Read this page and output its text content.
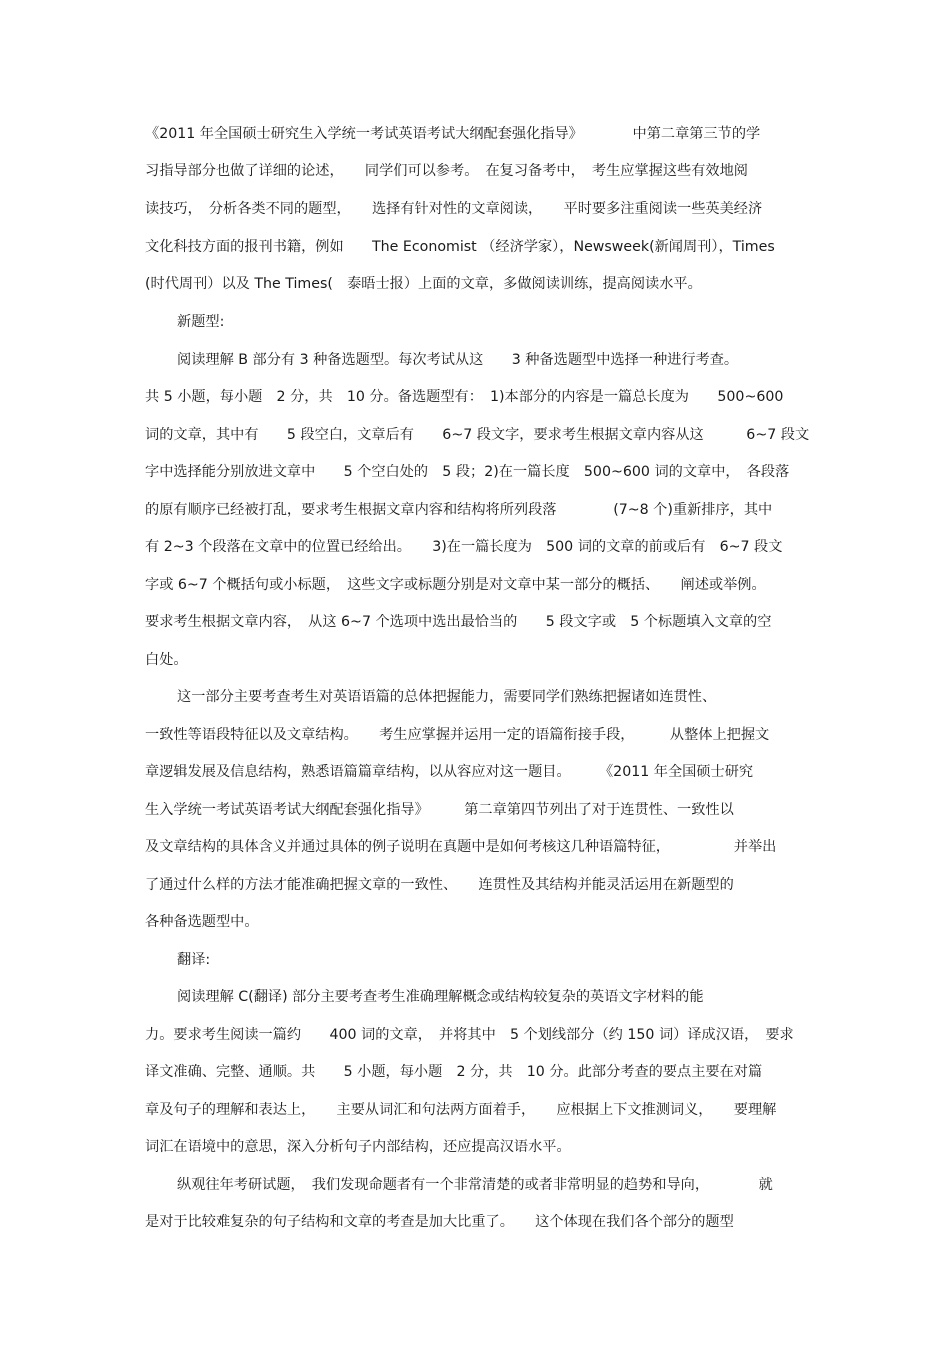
《2011 年全国硕士研究生入学统一考试英语考试大纲配套强化指导》　　　　中第二章第三节的学
习指导部分也做了详细的论述，　　同学们可以参考。　在复习备考中，　考生应掌握这些有效地阅
读技巧，　分析各类不同的题型，　　选择有针对性的文章阅读，　　平时要多注重阅读一些英美经济
文化科技方面的报刊书籍，例如　　The Economist （经济学家），Newsweek(新闻周刊），Times
(时代周刊）以及 The Times(　泰晤士报）上面的文章，多做阅读训练，提高阅读水平。
新题型:
阅读理解 B 部分有 3 种备选题型。每次考试从这　　3 种备选题型中选择一种进行考查。
共 5 小题，每小题　2 分，共　10 分。备选题型有：　1)本部分的内容是一篇总长度为　　500~600
词的文章，其中有　　5 段空白，文章后有　　6~7 段文字，要求考生根据文章内容从这　　　6~7 段文
字中选择能分别放进文章中　　5 个空白处的　5 段；2)在一篇长度　500~600 词的文章中，　各段落
的原有顺序已经被打乱，要求考生根据文章内容和结构将所列段落　　　　(7~8 个)重新排序，其中
有 2~3 个段落在文章中的位置已经给出。　　3)在一篇长度为　500 词的文章的前或后有　6~7 段文
字或 6~7 个概括句或小标题，　这些文字或标题分别是对文章中某一部分的概括、　　阐述或举例。
要求考生根据文章内容，　从这 6~7 个选项中选出最恰当的　　5 段文字或　5 个标题填入文章的空
白处。
这一部分主要考查考生对英语语篇的总体把握能力，需要同学们熟练把握诸如连贯性、
一致性等语段特征以及文章结构。　　考生应掌握并运用一定的语篇衔接手段，　　　从整体上把握文
章逻辑发展及信息结构，熟悉语篇篇章结构，以从容应对这一题目。　　　《2011 年全国硕士研究
生入学统一考试英语考试大纲配套强化指导》　　　第二章第四节列出了对于连贯性、一致性以
及文章结构的具体含义并通过具体的例子说明在真题中是如何考核这几种语篇特征，　　　　　并举出
了通过什么样的方法才能准确把握文章的一致性、　　连贯性及其结构并能灵活运用在新题型的
各种备选题型中。
翻译:
阅读理解 C(翻译) 部分主要考查考生准确理解概念或结构较复杂的英语文字材料的能
力。要求考生阅读一篇约　　400 词的文章，　并将其中　5 个划线部分（约 150 词）译成汉语，　要求
译文准确、完整、通顺。共　　5 小题，每小题　2 分，共　10 分。此部分考查的要点主要在对篇
章及句子的理解和表达上，　　主要从词汇和句法两方面着手，　　应根据上下文推测词义，　　要理解
词汇在语境中的意思，深入分析句子内部结构，还应提高汉语水平。
纵观往年考研试题，　我们发现命题者有一个非常清楚的或者非常明显的趋势和导向，　　　　就
是对于比较难复杂的句子结构和文章的考查是加大比重了。　　这个体现在我们各个部分的题型
